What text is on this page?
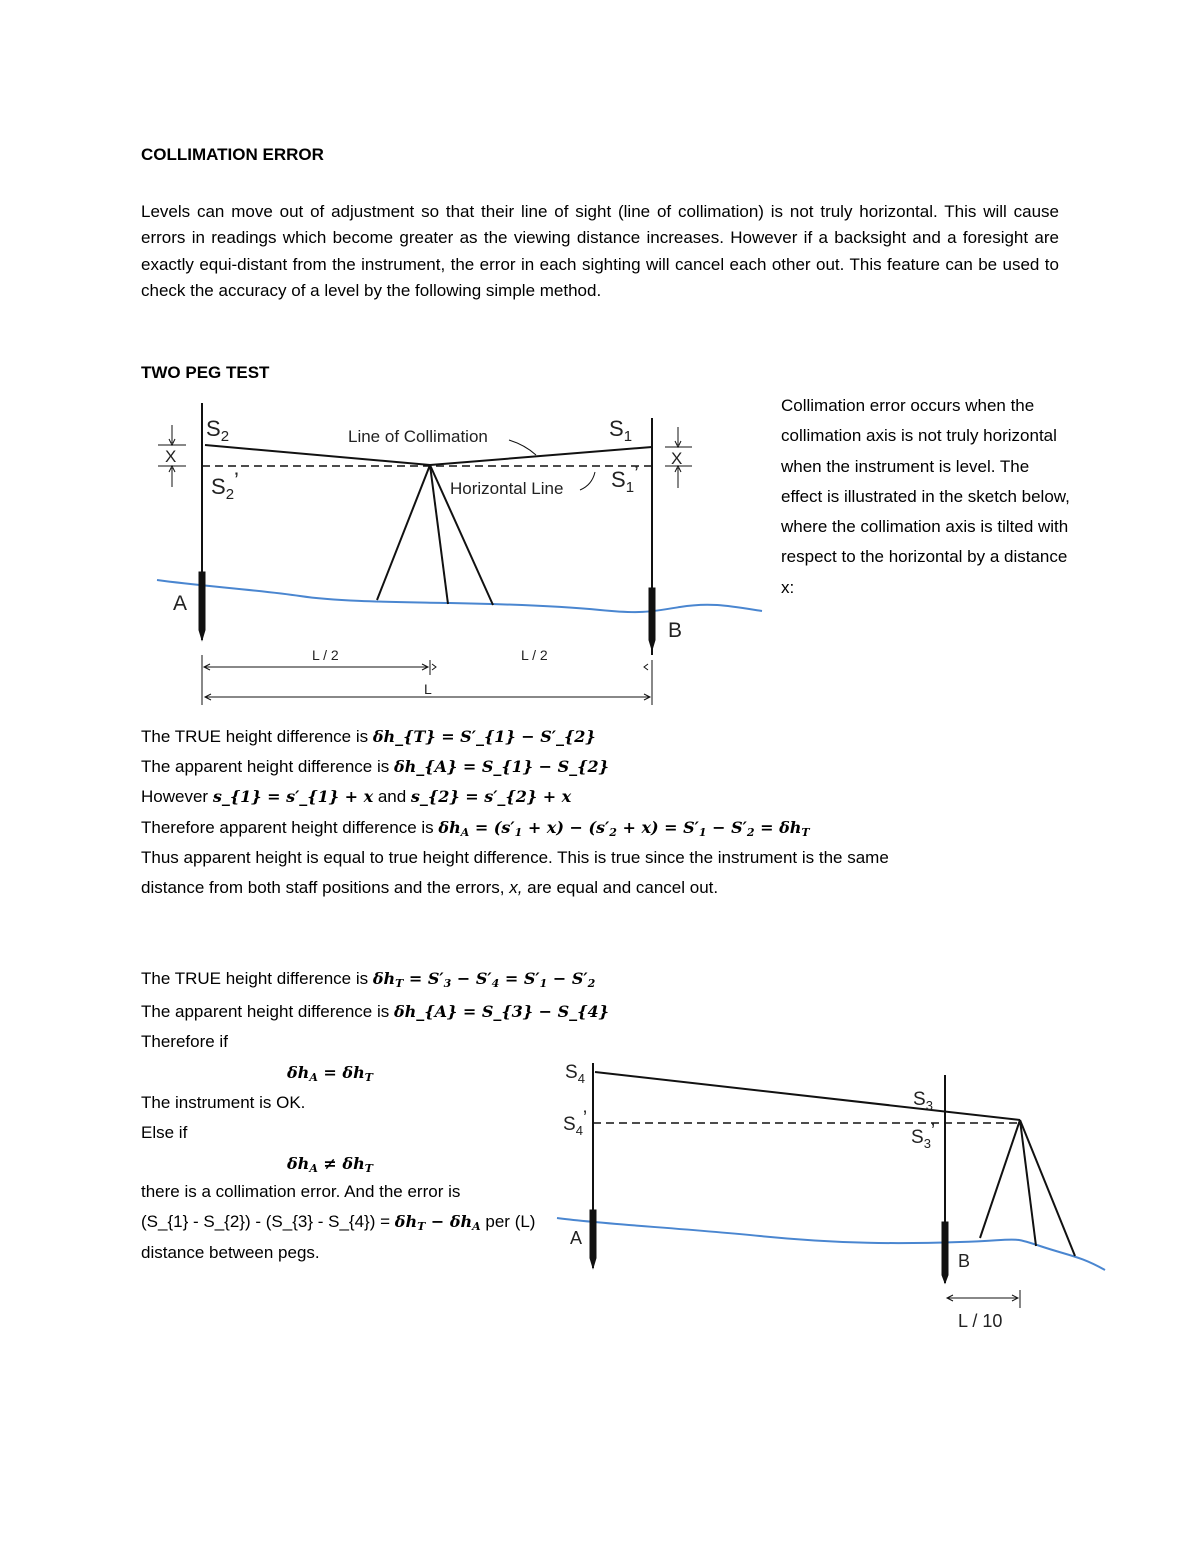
COLLIMATION ERROR
Levels can move out of adjustment so that their line of sight (line of collimation) is not truly horizontal. This will cause errors in readings which become greater as the viewing distance increases. However if a backsight and a foresight are exactly equi-distant from the instrument, the error in each sighting will cancel each other out. This feature can be used to check the accuracy of a level by the following simple method.
TWO PEG TEST
Collimation error occurs when the collimation axis is not truly horizontal when the instrument is level. The effect is illustrated in the sketch below, where the collimation axis is tilted with respect to the horizontal by a distance x:
$S_2$	$S_1$
$S_2$’	$S_1$’
Line of Collimation
Horizontal Line
X	X
A
B
L / 2	L / 2
L
$S_4$
$S_4$’
$S_3$
$S_3$’
A
B
L / 10
The TRUE height difference is δh_{T} = S′_{1} − S′_{2}
The apparent height difference is δh_{A} = S_{1} − S_{2}
However s_{1} = s′_{1} + x and s_{2} = s′_{2} + x
Therefore apparent height difference is $\delta h_A = (s'_1 + x) - (s'_2 + x) = S'_1 - S'_2 = \delta h_T$
Thus apparent height is equal to true height difference. This is true since the instrument is the same
distance from both staff positions and the errors, x, are equal and cancel out.
The TRUE height difference is $\delta h_T = S'_3 - S'_4 = S'_1 - S'_2$
The apparent height difference is δh_{A} = S_{3} − S_{4}
Therefore if
$\delta h_A = \delta h_T$
The instrument is OK.
Else if
$\delta h_A \ne \delta h_T$
there is a collimation error. And the error is
(S_{1} - S_{2}) - (S_{3} - S_{4}) = $\delta h_T - \delta h_A$ per (L)
distance between pegs.
